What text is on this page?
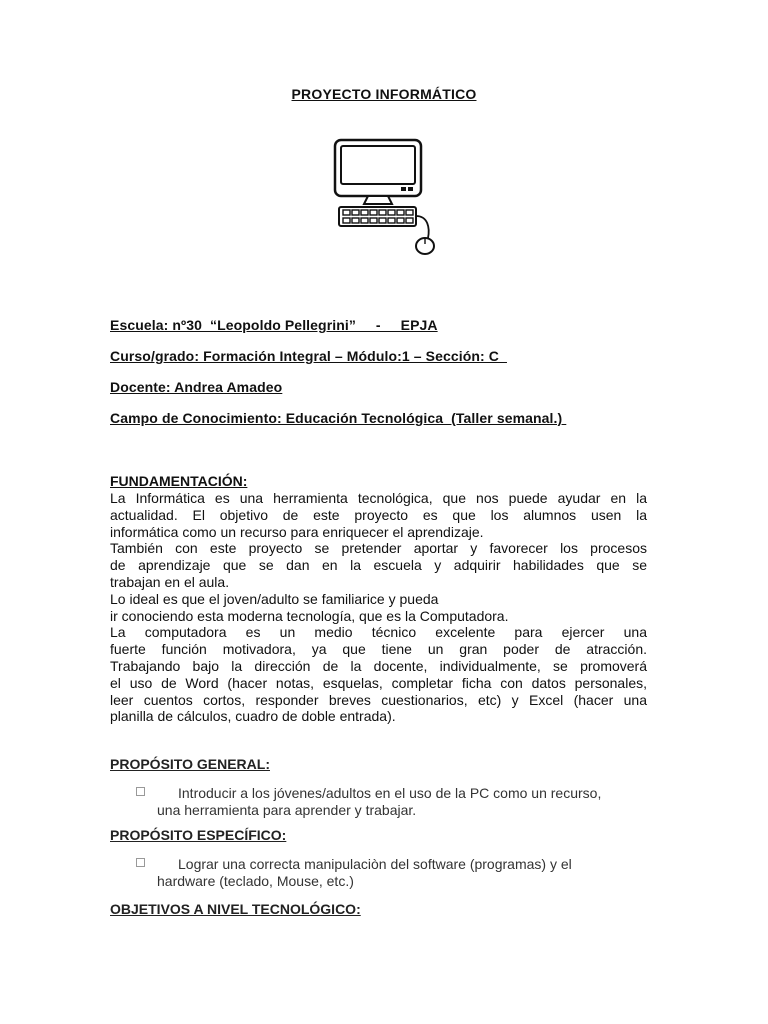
PROYECTO INFORMÁTICO
Escuela: nº30  “Leopoldo Pellegrini”     -     EPJA
Curso/grado: Formación Integral – Módulo:1 – Sección: C
Docente: Andrea Amadeo
Campo de Conocimiento: Educación Tecnológica  (Taller semanal.)
FUNDAMENTACIÓN:
La Informática es una herramienta tecnológica, que nos puede ayudar en la
actualidad. El objetivo de este proyecto es que los alumnos usen la
informática como un recurso para enriquecer el aprendizaje.
También con este proyecto se pretender aportar y favorecer los procesos
de aprendizaje que se dan en la escuela y adquirir habilidades que se
trabajan en el aula.
Lo ideal es que el joven/adulto se familiarice y pueda
ir conociendo esta moderna tecnología, que es la Computadora.
La computadora es un medio técnico excelente para ejercer una
fuerte función motivadora, ya que tiene un gran poder de atracción.
Trabajando bajo la dirección de la docente, individualmente, se promoverá
el uso de Word (hacer notas, esquelas, completar ficha con datos personales,
leer cuentos cortos, responder breves cuestionarios, etc) y Excel (hacer una
planilla de cálculos, cuadro de doble entrada).
PROPÓSITO GENERAL:
Introducir a los jóvenes/adultos en el uso de la PC como un recurso,
una herramienta para aprender y trabajar.
PROPÓSITO ESPECÍFICO:
Lograr una correcta manipulaciòn del software (programas) y el
hardware (teclado, Mouse, etc.)
OBJETIVOS A NIVEL TECNOLÓGICO:
